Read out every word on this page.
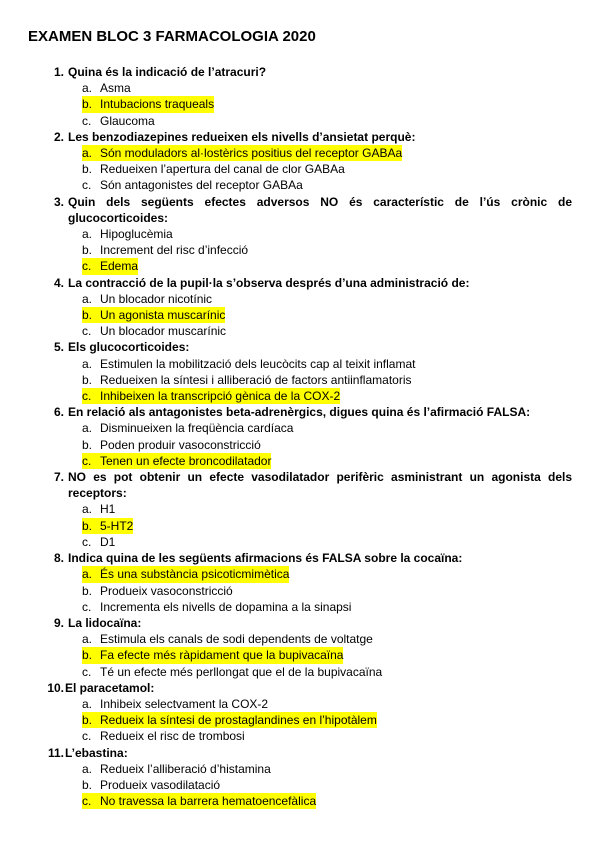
EXAMEN BLOC 3 FARMACOLOGIA 2020
1. Quina és la indicació de l’atracuri?
a. Asma
b. Intubacions traqueals
c. Glaucoma
2. Les benzodiazepines redueixen els nivells d’ansietat perquè:
a. Són moduladors al·lostèrics positius del receptor GABAa
b. Redueixen l’apertura del canal de clor GABAa
c. Són antagonistes del receptor GABAa
3. Quin dels següents efectes adversos NO és característic de l’ús crònic de glucocorticoides:
a. Hipoglucèmia
b. Increment del risc d’infecció
c. Edema
4. La contracció de la pupil·la s’observa després d’una administració de:
a. Un blocador nicotínic
b. Un agonista muscarínic
c. Un blocador muscarínic
5. Els glucocorticoides:
a. Estimulen la mobilització dels leucòcits cap al teixit inflamat
b. Redueixen la síntesi i alliberació de factors antiinflamatoris
c. Inhibeixen la transcripció gènica de la COX-2
6. En relació als antagonistes beta-adrenèrgics, digues quina és l’afirmació FALSA:
a. Disminueixen la freqüència cardíaca
b. Poden produir vasoconstricció
c. Tenen un efecte broncodilatador
7. NO es pot obtenir un efecte vasodilatador perifèric asministrant un agonista dels receptors:
a. H1
b. 5-HT2
c. D1
8. Indica quina de les següents afirmacions és FALSA sobre la cocaïna:
a. És una substància psicoticmimètica
b. Produeix vasoconstricció
c. Incrementa els nivells de dopamina a la sinapsi
9. La lidocaïna:
a. Estimula els canals de sodi dependents de voltatge
b. Fa efecte més ràpidament que la bupivacaïna
c. Té un efecte més perllongat que el de la bupivacaïna
10. El paracetamol:
a. Inhibeix selectvament la COX-2
b. Redueix la síntesi de prostaglandines en l’hipotàlem
c. Redueix el risc de trombosi
11. L’ebastina:
a. Redueix l’alliberació d’histamina
b. Produeix vasodilatació
c. No travessa la barrera hematoencefàlica
